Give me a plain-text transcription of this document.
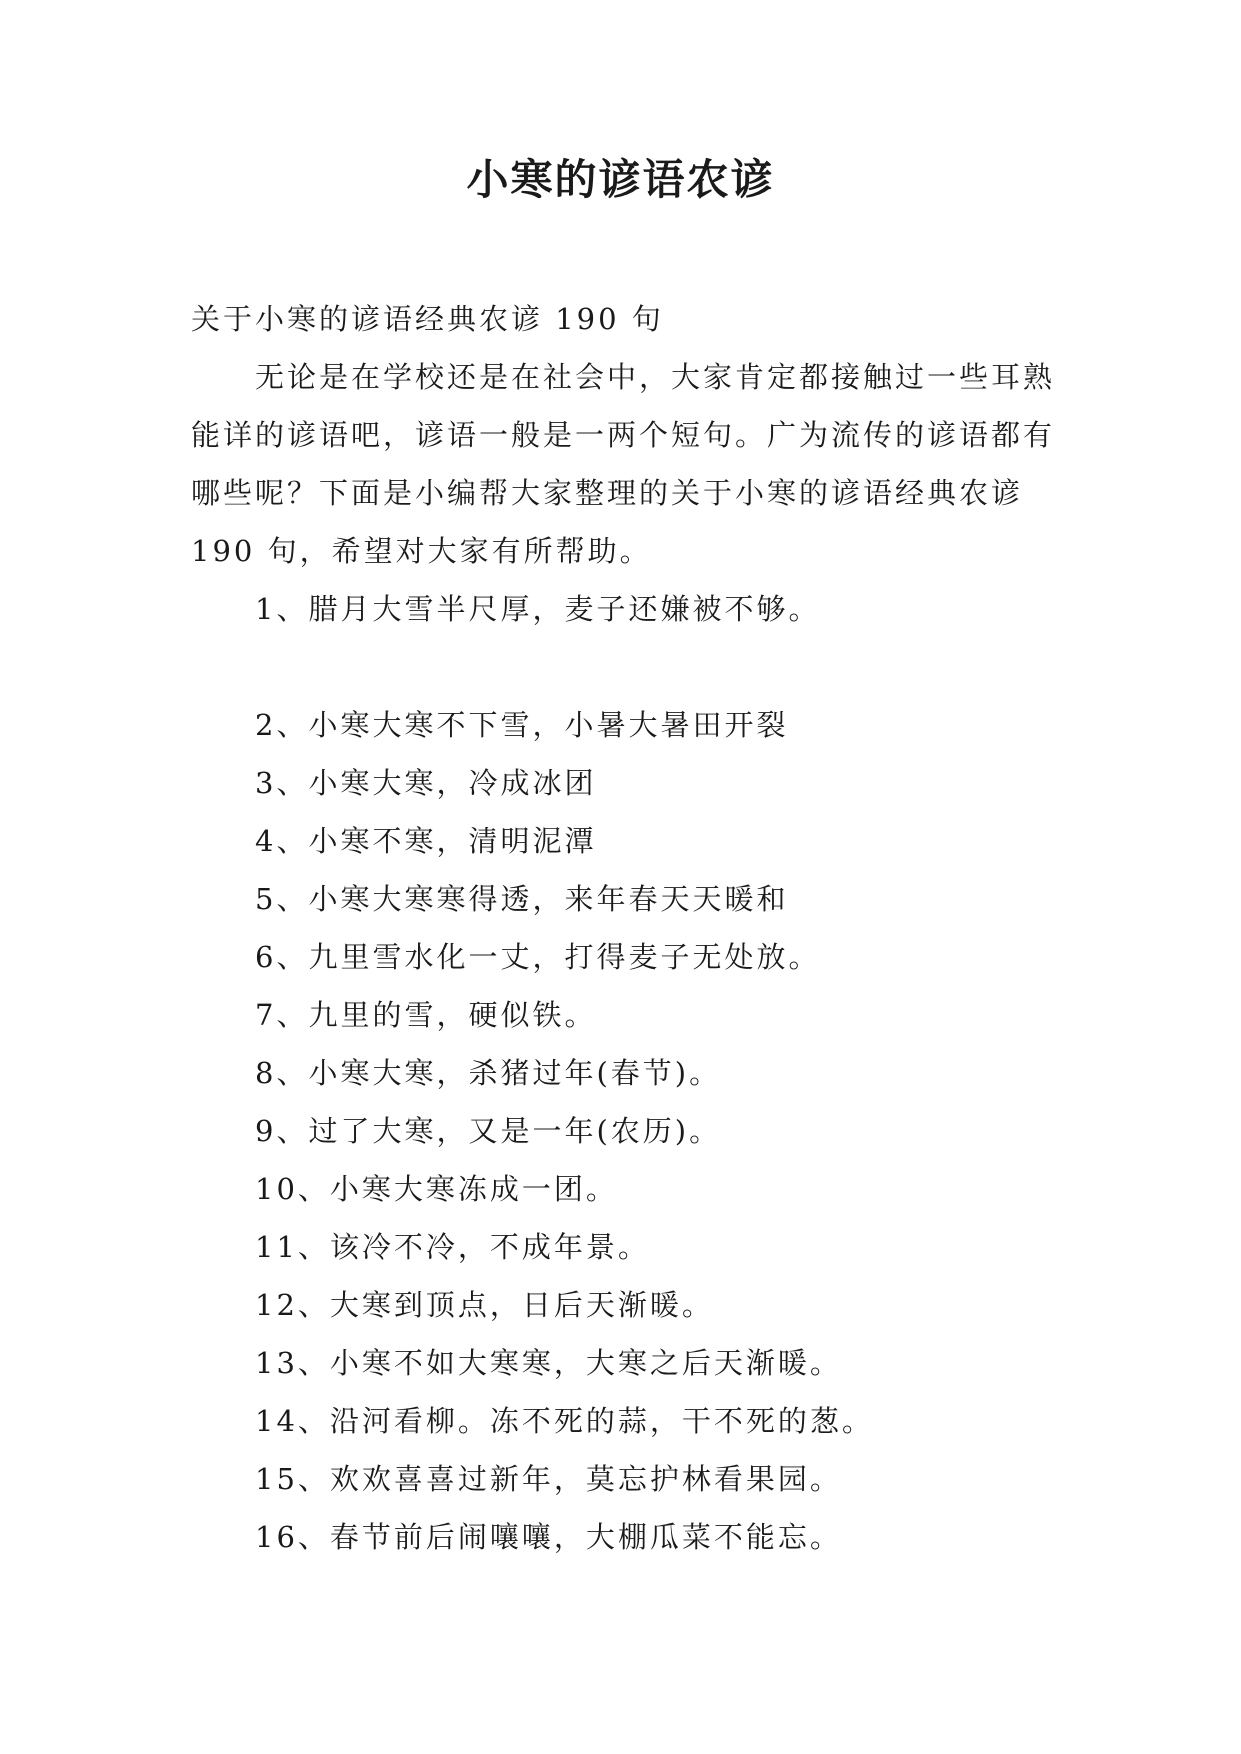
小寒的谚语农谚

关于小寒的谚语经典农谚 190 句

无论是在学校还是在社会中，大家肯定都接触过一些耳熟能详的谚语吧，谚语一般是一两个短句。广为流传的谚语都有哪些呢？下面是小编帮大家整理的关于小寒的谚语经典农谚 190 句，希望对大家有所帮助。

1、腊月大雪半尺厚，麦子还嫌被不够。

2、小寒大寒不下雪，小暑大暑田开裂

3、小寒大寒，冷成冰团

4、小寒不寒，清明泥潭

5、小寒大寒寒得透，来年春天天暖和

6、九里雪水化一丈，打得麦子无处放。

7、九里的雪，硬似铁。

8、小寒大寒，杀猪过年(春节)。

9、过了大寒，又是一年(农历)。

10、小寒大寒冻成一团。

11、该冷不冷，不成年景。

12、大寒到顶点，日后天渐暖。

13、小寒不如大寒寒，大寒之后天渐暖。

14、沿河看柳。冻不死的蒜，干不死的葱。

15、欢欢喜喜过新年，莫忘护林看果园。

16、春节前后闹嚷嚷，大棚瓜菜不能忘。
